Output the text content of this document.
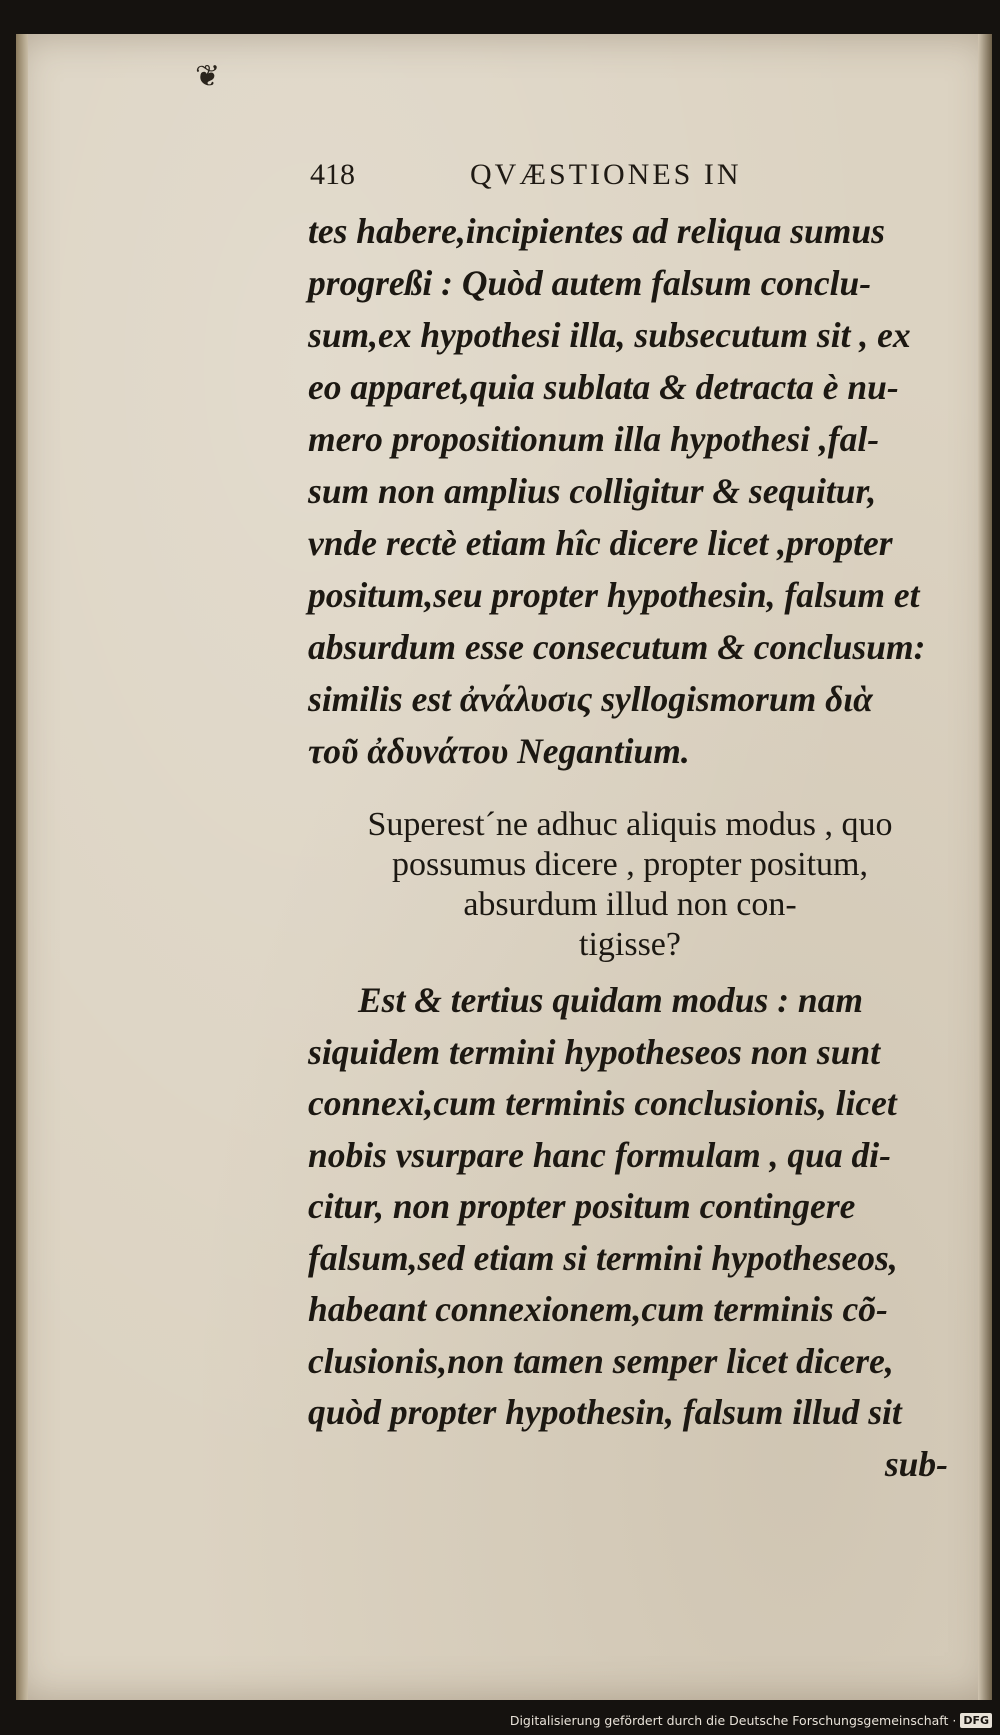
❦
418	QVÆSTIONES IN
tes habere,incipientes ad reliqua sumus
progreßi : Quòd autem falsum conclu-
sum,ex hypothesi illa, subsecutum sit , ex
eo apparet,quia sublata & detracta è nu-
mero propositionum illa hypothesi ,fal-
sum non amplius colligitur & sequitur,
vnde rectè etiam hîc dicere licet ,propter
positum,seu propter hypothesin, falsum et
absurdum esse consecutum & conclusum:
similis est ἀνάλυσις syllogismorum διὰ
τοῦ ἀδυνάτου Negantium.
Superest´ne adhuc aliquis modus , quo
possumus dicere , propter positum,
absurdum illud non con-
tigisse?
Est & tertius quidam modus : nam
siquidem termini hypotheseos non sunt
connexi,cum terminis conclusionis, licet
nobis vsurpare hanc formulam , qua di-
citur, non propter positum contingere
falsum,sed etiam si termini hypotheseos,
habeant connexionem,cum terminis cõ-
clusionis,non tamen semper licet dicere,
quòd propter hypothesin, falsum illud sit
sub-
Digitalisierung gefördert durch die Deutsche Forschungsgemeinschaft · DFG
